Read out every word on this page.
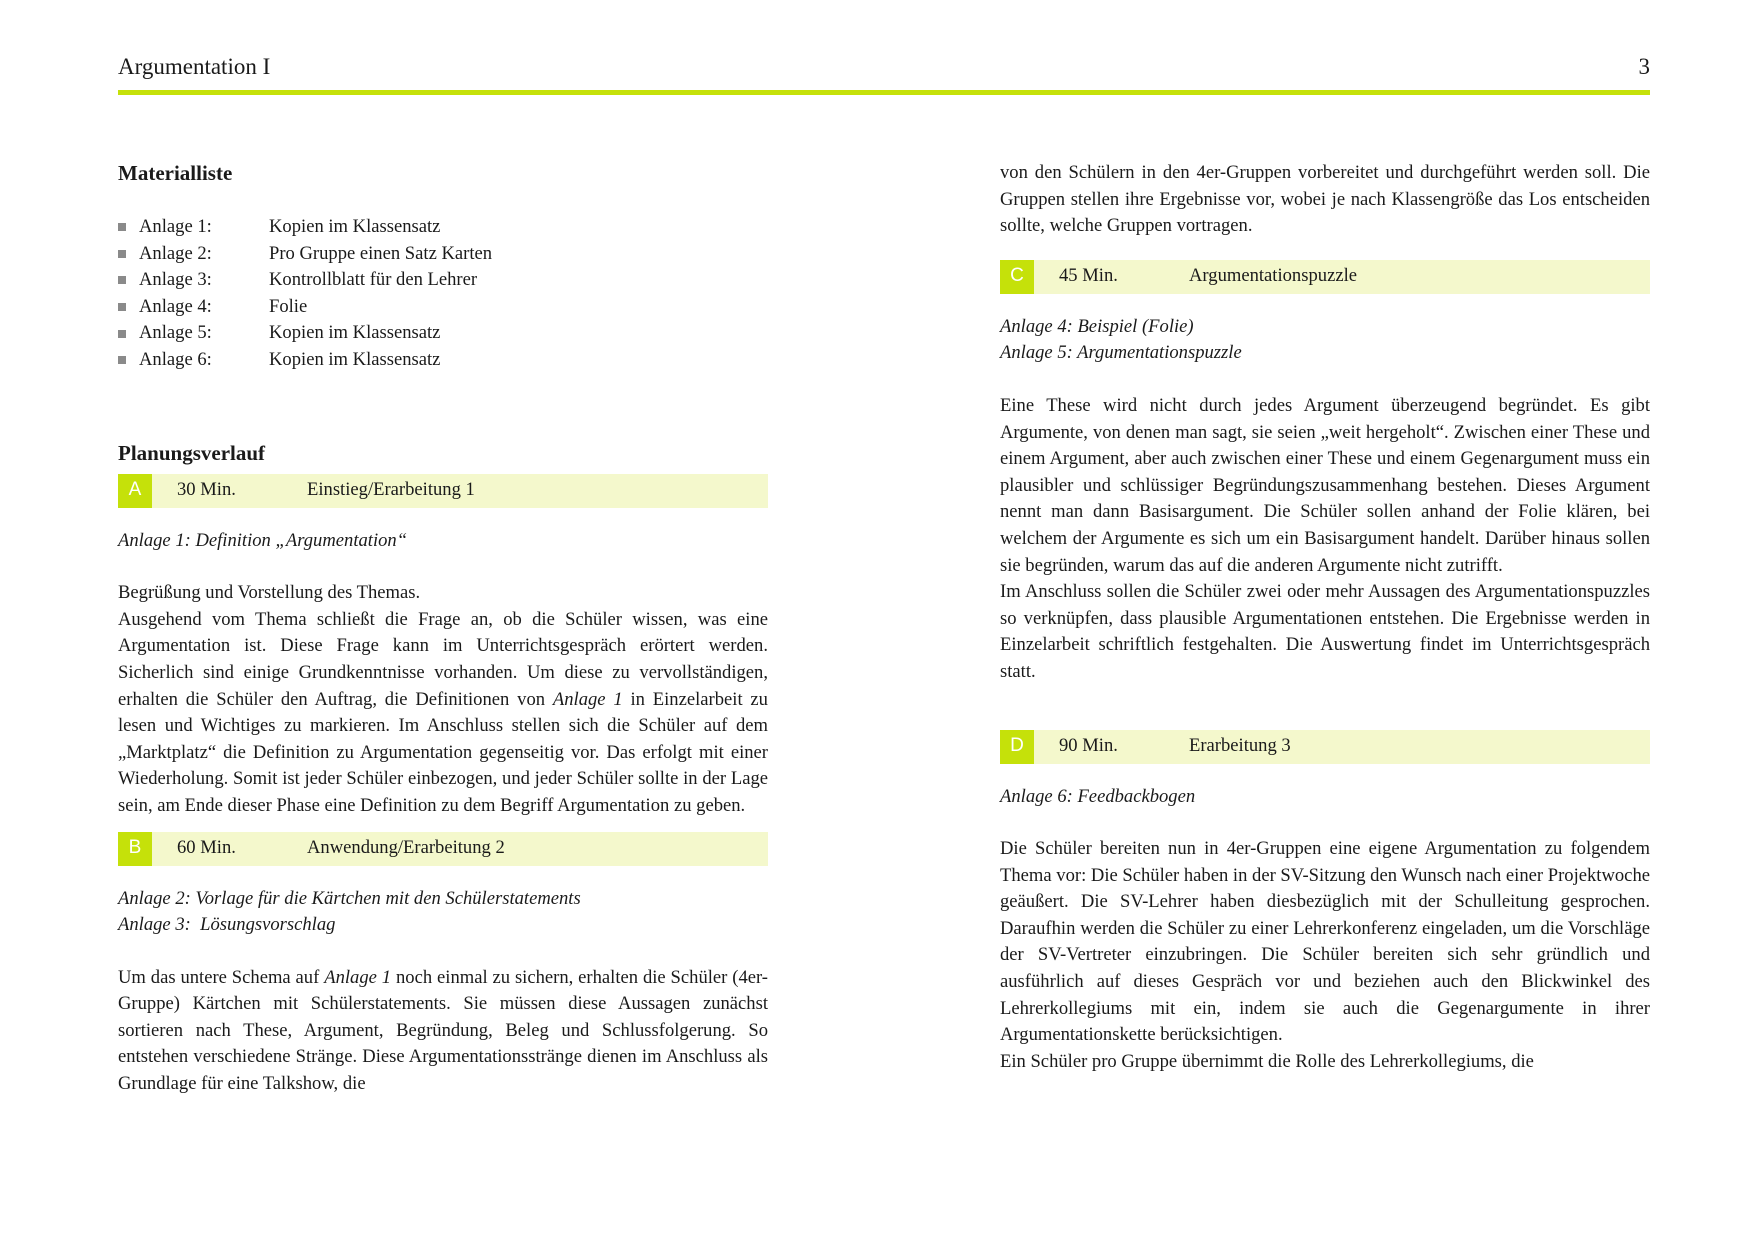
Argumentation I	3
Materialliste
Anlage 1:	Kopien im Klassensatz
Anlage 2:	Pro Gruppe einen Satz Karten
Anlage 3:	Kontrollblatt für den Lehrer
Anlage 4:	Folie
Anlage 5:	Kopien im Klassensatz
Anlage 6:	Kopien im Klassensatz
Planungsverlauf
A	30 Min.	Einstieg/Erarbeitung 1

Anlage 1: Definition „Argumentation“

Begrüßung und Vorstellung des Themas.

Ausgehend vom Thema schließt die Frage an, ob die Schüler wissen, was eine Argumentation ist. Diese Frage kann im Unterrichtsgespräch erörtert werden. Sicherlich sind einige Grundkenntnisse vorhanden. Um diese zu vervollständigen, erhalten die Schüler den Auftrag, die Definitionen von Anlage 1 in Einzelarbeit zu lesen und Wichtiges zu markieren. Im Anschluss stellen sich die Schüler auf dem „Marktplatz“ die Definition zu Argumentation gegenseitig vor. Das erfolgt mit einer Wiederholung. Somit ist jeder Schüler einbezogen, und jeder Schüler sollte in der Lage sein, am Ende dieser Phase eine Definition zu dem Begriff Argumentation zu geben.

B	60 Min.	Anwendung/Erarbeitung 2

Anlage 2: Vorlage für die Kärtchen mit den Schülerstatements

Anlage 3:  Lösungsvorschlag

Um das untere Schema auf Anlage 1 noch einmal zu sichern, erhalten die Schüler (4er-Gruppe) Kärtchen mit Schülerstatements. Sie müssen diese Aussagen zunächst sortieren nach These, Argument, Begründung, Beleg und Schlussfolgerung. So entstehen verschiedene Stränge. Diese Argumentationsstränge dienen im Anschluss als Grundlage für eine Talkshow, die

von den Schülern in den 4er-Gruppen vorbereitet und durchgeführt werden soll. Die Gruppen stellen ihre Ergebnisse vor, wobei je nach Klassengröße das Los entscheiden sollte, welche Gruppen vortragen.

C	45 Min.	Argumentationspuzzle

Anlage 4: Beispiel (Folie)

Anlage 5: Argumentationspuzzle

Eine These wird nicht durch jedes Argument überzeugend begründet. Es gibt Argumente, von denen man sagt, sie seien „weit hergeholt“. Zwischen einer These und einem Argument, aber auch zwischen einer These und einem Gegenargument muss ein plausibler und schlüssiger Begründungszusammenhang bestehen. Dieses Argument nennt man dann Basisargument. Die Schüler sollen anhand der Folie klären, bei welchem der Argumente es sich um ein Basisargument handelt. Darüber hinaus sollen sie begründen, warum das auf die anderen Argumente nicht zutrifft.

Im Anschluss sollen die Schüler zwei oder mehr Aussagen des Argumentationspuzzles so verknüpfen, dass plausible Argumentationen entstehen. Die Ergebnisse werden in Einzelarbeit schriftlich festgehalten. Die Auswertung findet im Unterrichtsgespräch statt.

D	90 Min.	Erarbeitung 3

Anlage 6: Feedbackbogen

Die Schüler bereiten nun in 4er-Gruppen eine eigene Argumentation zu folgendem Thema vor: Die Schüler haben in der SV-Sitzung den Wunsch nach einer Projektwoche geäußert. Die SV-Lehrer haben diesbezüglich mit der Schulleitung gesprochen. Daraufhin werden die Schüler zu einer Lehrerkonferenz eingeladen, um die Vorschläge der SV-Vertreter einzubringen. Die Schüler bereiten sich sehr gründlich und ausführlich auf dieses Gespräch vor und beziehen auch den Blickwinkel des Lehrerkollegiums mit ein, indem sie auch die Gegenargumente in ihrer Argumentationskette berücksichtigen.

Ein Schüler pro Gruppe übernimmt die Rolle des Lehrerkollegiums, die
